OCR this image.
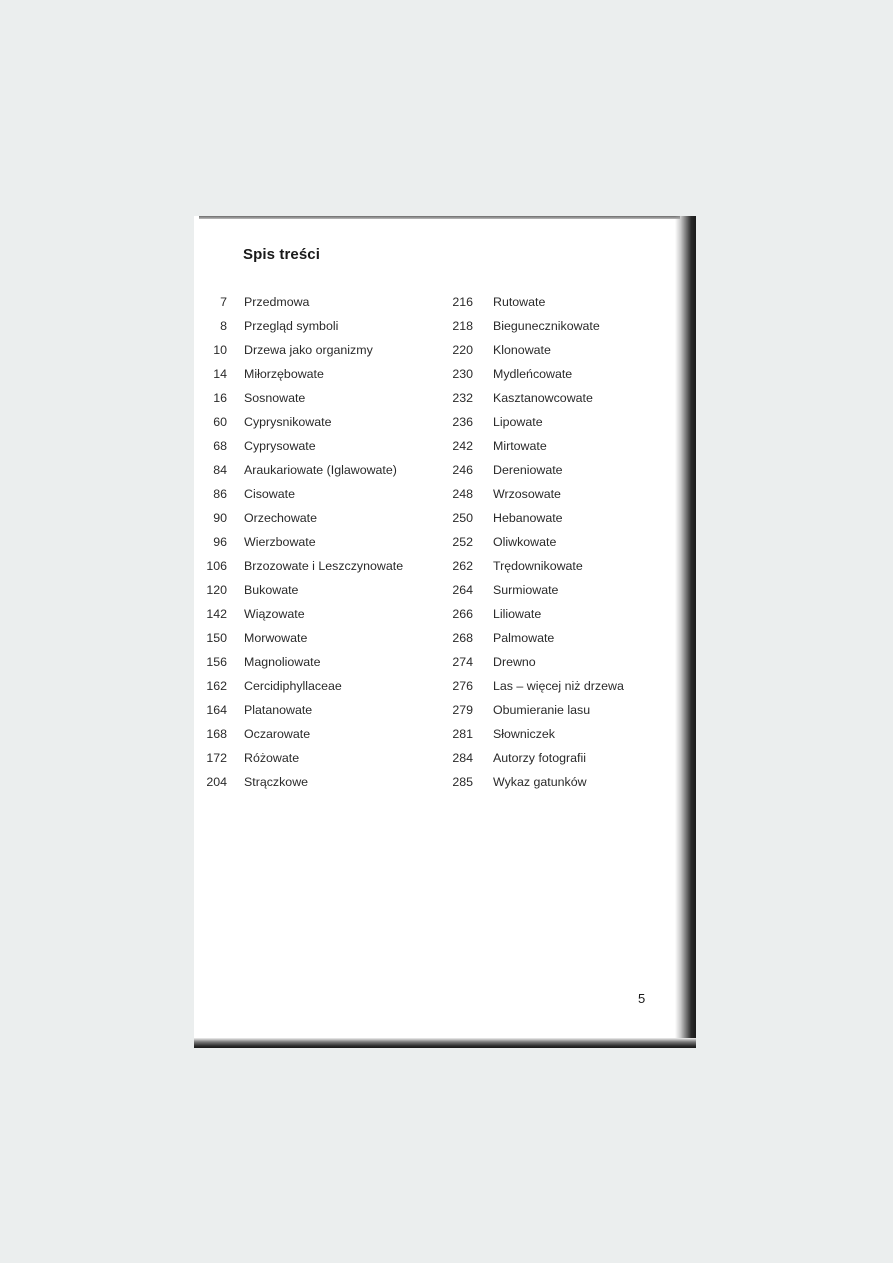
Spis treści
7 Przedmowa
8 Przegląd symboli
10 Drzewa jako organizmy
14 Miłorzębowate
16 Sosnowate
60 Cyprysnikowate
68 Cyprysowate
84 Araukariowate (Iglawowate)
86 Cisowate
90 Orzechowate
96 Wierzbowate
106 Brzozowate i Leszczynowate
120 Bukowate
142 Wiązowate
150 Morwowate
156 Magnoliowate
162 Cercidiphyllaceae
164 Platanowate
168 Oczarowate
172 Różowate
204 Strączkowe
216 Rutowate
218 Biegunecznikowate
220 Klonowate
230 Mydleńcowate
232 Kasztanowcowate
236 Lipowate
242 Mirtowate
246 Dereniowate
248 Wrzosowate
250 Hebanowate
252 Oliwkowate
262 Trędownikowate
264 Surmiowate
266 Liliowate
268 Palmowate
274 Drewno
276 Las – więcej niż drzewa
279 Obumieranie lasu
281 Słowniczek
284 Autorzy fotografii
285 Wykaz gatunków
5
